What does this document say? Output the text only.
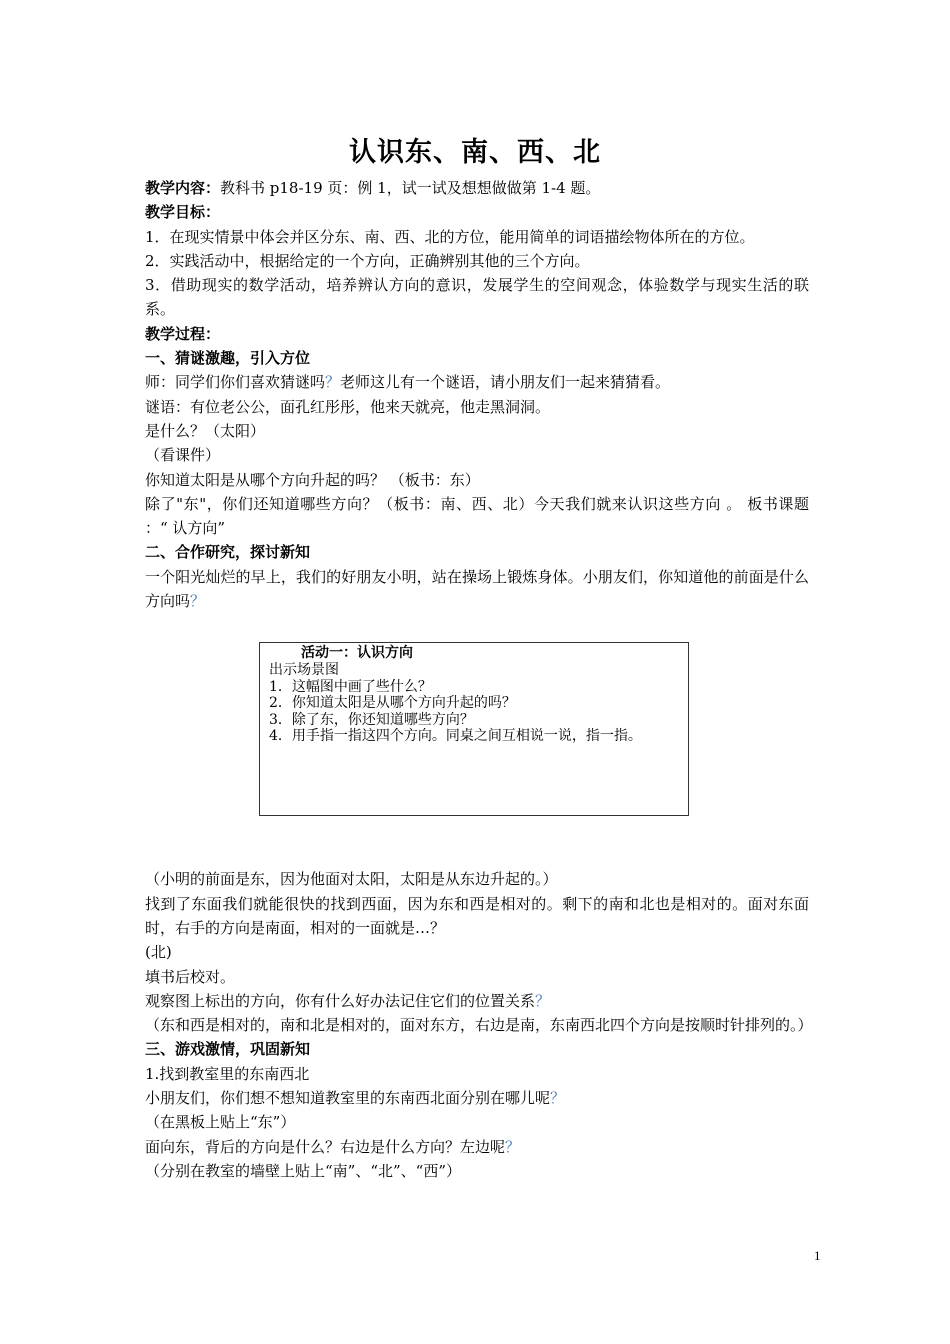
认识东、南、西、北
教学内容：教科书 p18-19 页：例 1，试一试及想想做做第 1-4 题。
教学目标：
1．在现实情景中体会并区分东、南、西、北的方位，能用简单的词语描绘物体所在的方位。
2．实践活动中，根据给定的一个方向，正确辨别其他的三个方向。
3．借助现实的数学活动，培养辨认方向的意识，发展学生的空间观念，体验数学与现实生活的联系。
教学过程：
一、猜谜激趣，引入方位
师：同学们你们喜欢猜谜吗？老师这儿有一个谜语，请小朋友们一起来猜猜看。
谜语：有位老公公，面孔红彤彤，他来天就亮，他走黑洞洞。
是什么？（太阳）
（看课件）
你知道太阳是从哪个方向升起的吗？ （板书：东）
除了"东"，你们还知道哪些方向？（板书：南、西、北）今天我们就来认识这些方向 。 板书课题 ：“ 认方向”
二、合作研究，探讨新知
一个阳光灿烂的早上，我们的好朋友小明，站在操场上锻炼身体。小朋友们，你知道他的前面是什么方向吗？
活动一：认识方向
出示场景图
1．这幅图中画了些什么？
2．你知道太阳是从哪个方向升起的吗？
3．除了东，你还知道哪些方向？
4．用手指一指这四个方向。同桌之间互相说一说，指一指。
（小明的前面是东，因为他面对太阳，太阳是从东边升起的。）
找到了东面我们就能很快的找到西面，因为东和西是相对的。剩下的南和北也是相对的。面对东面时，右手的方向是南面，相对的一面就是…？
(北)
填书后校对。
观察图上标出的方向，你有什么好办法记住它们的位置关系？
（东和西是相对的，南和北是相对的，面对东方，右边是南，东南西北四个方向是按顺时针排列的。）
三、游戏激情，巩固新知
1.找到教室里的东南西北
小朋友们，你们想不想知道教室里的东南西北面分别在哪儿呢？
（在黑板上贴上“东”）
面向东，背后的方向是什么？右边是什么方向？左边呢？
（分别在教室的墙壁上贴上“南”、“北”、“西”）
1
